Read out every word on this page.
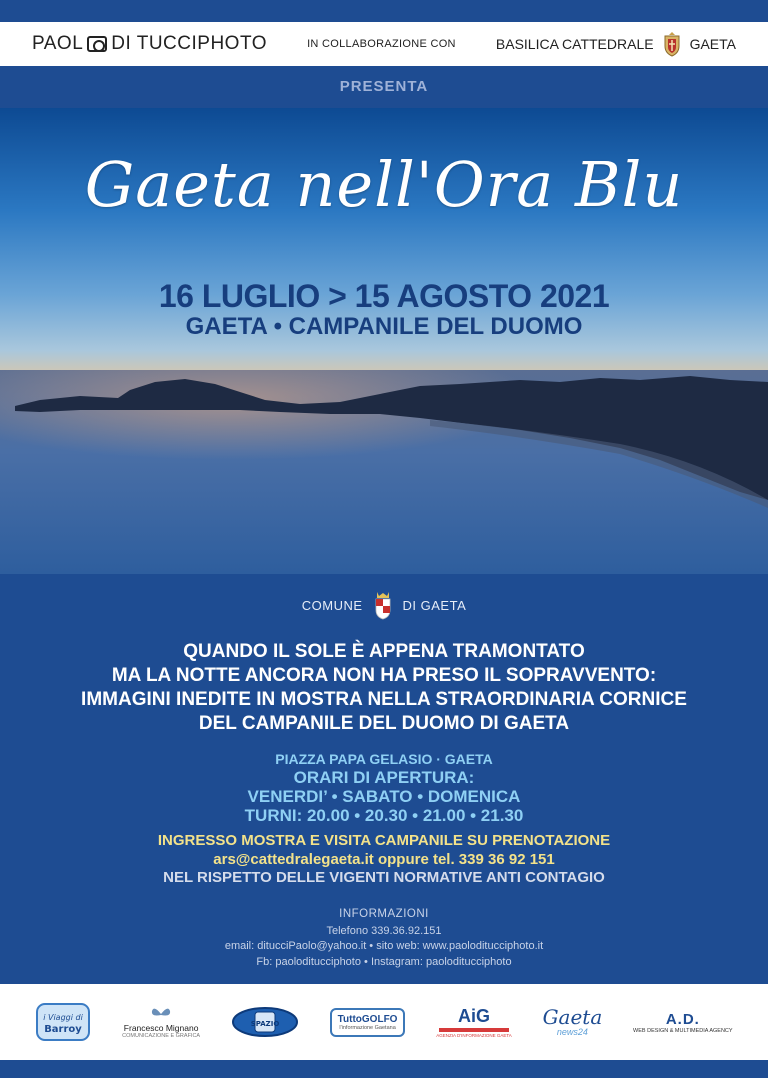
PAOL DI TUCCIPHOTO	IN COLLABORAZIONE CON	BASILICA CATTEDRALE	GAETA
PRESENTA
Gaeta nell'Ora Blu
16 LUGLIO > 15 AGOSTO 2021
GAETA • CAMPANILE DEL DUOMO
COMUNE	DI GAETA
QUANDO IL SOLE È APPENA TRAMONTATO
MA LA NOTTE ANCORA NON HA PRESO IL SOPRAVVENTO:
IMMAGINI INEDITE IN MOSTRA NELLA STRAORDINARIA CORNICE
DEL CAMPANILE DEL DUOMO DI GAETA
PIAZZA PAPA GELASIO · GAETA
ORARI DI APERTURA:
VENERDI’ • SABATO • DOMENICA
TURNI: 20.00 • 20.30 • 21.00 • 21.30
INGRESSO MOSTRA E VISITA CAMPANILE SU PRENOTAZIONE
ars@cattedralegaeta.it oppure tel. 339 36 92 151
NEL RISPETTO DELLE VIGENTI NORMATIVE ANTI CONTAGIO
INFORMAZIONI
Telefono 339.36.92.151
email: ditucciPaolo@yahoo.it • sito web: www.paoloditucciphoto.it
Fb: paoloditucciphoto • Instagram: paoloditucciphoto
i Viaggi di
Barroy	Francesco Mignano
COMUNICAZIONE E GRAFICA
SPAZIO	TuttoGOLFO
l'informazione Gaetana
AiG
AGENZIA D'INFORMAZIONE GAETA
Gaeta
news24
A.D.
WEB DESIGN & MULTIMEDIA AGENCY
